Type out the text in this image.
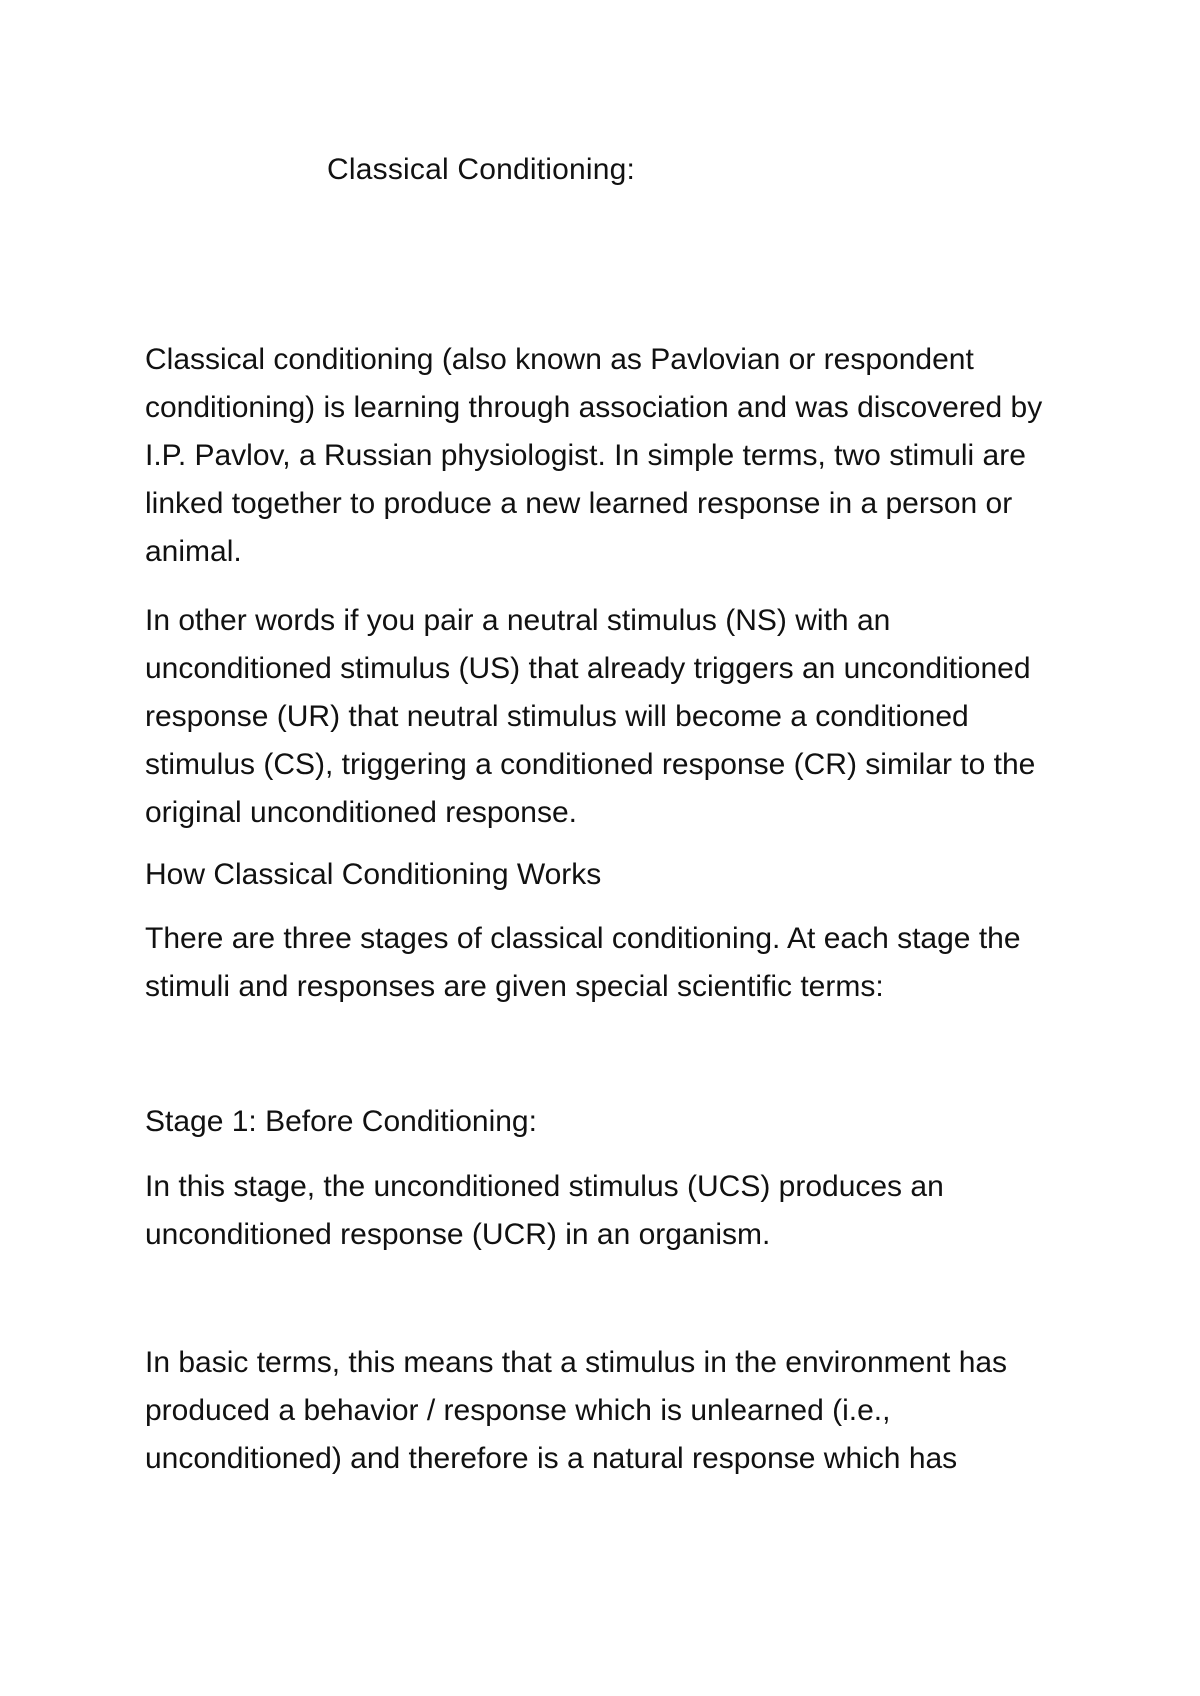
Classical Conditioning:

Classical conditioning (also known as Pavlovian or respondent conditioning) is learning through association and was discovered by I.P. Pavlov, a Russian physiologist. In simple terms, two stimuli are linked together to produce a new learned response in a person or animal.

In other words if you pair a neutral stimulus (NS) with an unconditioned stimulus (US) that already triggers an unconditioned response (UR) that neutral stimulus will become a conditioned stimulus (CS), triggering a conditioned response (CR) similar to the original unconditioned response.

How Classical Conditioning Works

There are three stages of classical conditioning. At each stage the stimuli and responses are given special scientific terms:

Stage 1: Before Conditioning:

In this stage, the unconditioned stimulus (UCS) produces an unconditioned response (UCR) in an organism.

In basic terms, this means that a stimulus in the environment has produced a behavior / response which is unlearned (i.e., unconditioned) and therefore is a natural response which has
